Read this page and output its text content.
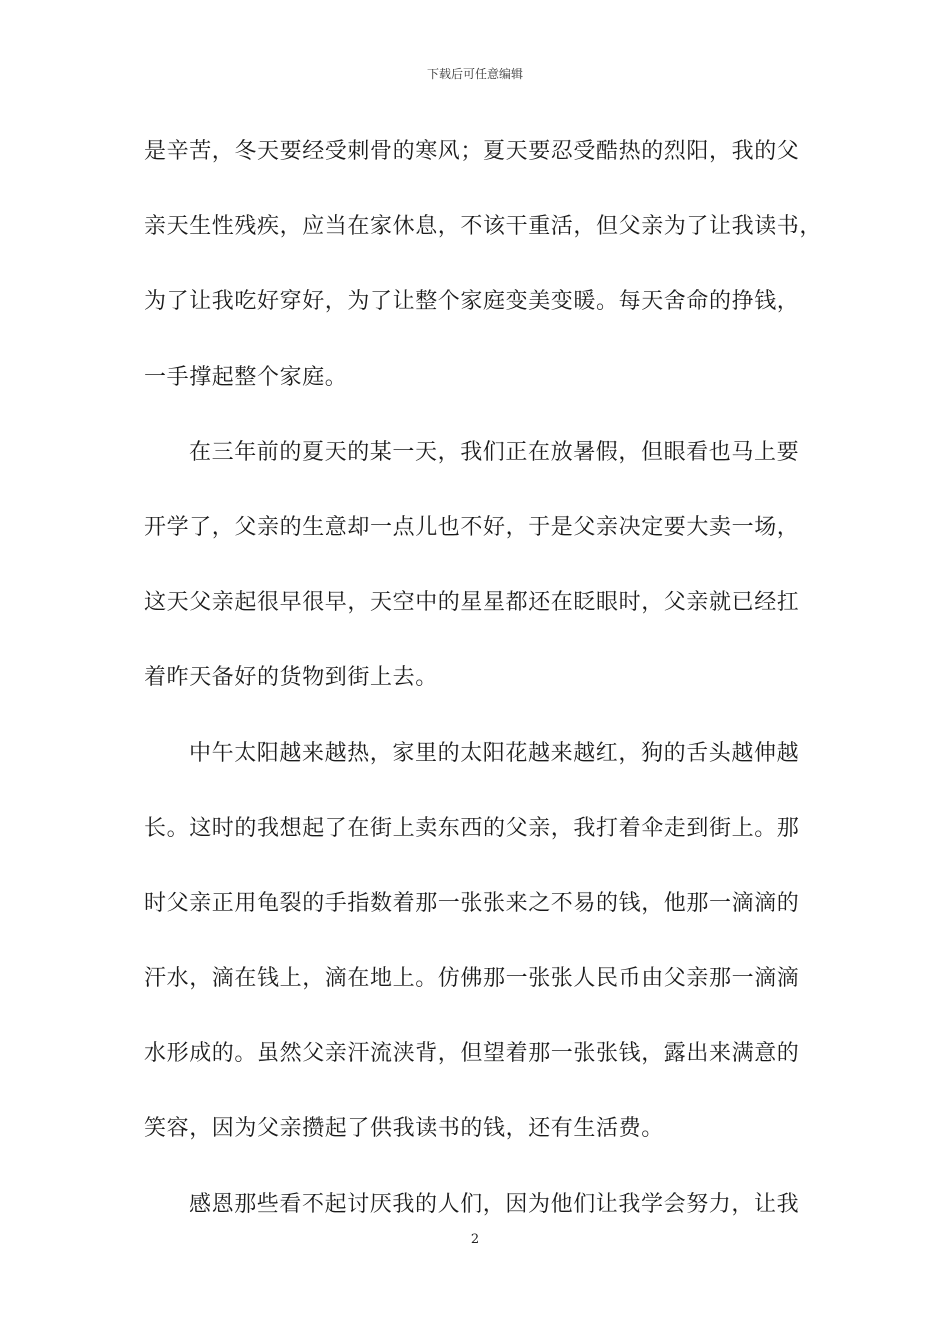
下载后可任意编辑
是辛苦，冬天要经受刺骨的寒风；夏天要忍受酷热的烈阳，我的父
亲天生性残疾，应当在家休息，不该干重活，但父亲为了让我读书，
为了让我吃好穿好，为了让整个家庭变美变暖。每天舍命的挣钱，
一手撑起整个家庭。
在三年前的夏天的某一天，我们正在放暑假，但眼看也马上要
开学了，父亲的生意却一点儿也不好，于是父亲决定要大卖一场，
这天父亲起很早很早，天空中的星星都还在眨眼时，父亲就已经扛
着昨天备好的货物到街上去。
中午太阳越来越热，家里的太阳花越来越红，狗的舌头越伸越
长。这时的我想起了在街上卖东西的父亲，我打着伞走到街上。那
时父亲正用龟裂的手指数着那一张张来之不易的钱，他那一滴滴的
汗水，滴在钱上，滴在地上。仿佛那一张张人民币由父亲那一滴滴
水形成的。虽然父亲汗流浃背，但望着那一张张钱，露出来满意的
笑容，因为父亲攒起了供我读书的钱，还有生活费。
感恩那些看不起讨厌我的人们，因为他们让我学会努力，让我
2
